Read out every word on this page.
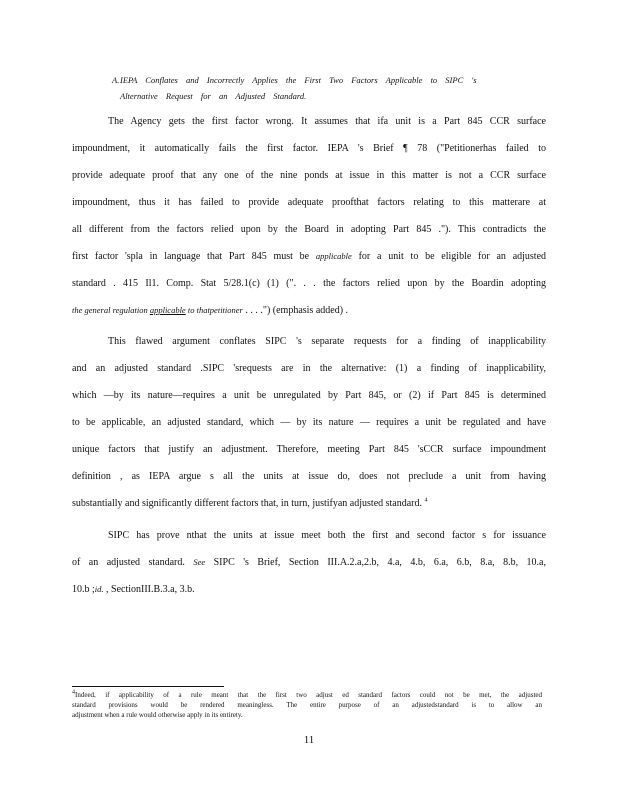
A. IEPA Conflates and Incorrectly Applies the First Two Factors Applicable to SIPC 's
Alternative Request for an Adjusted Standard.
The Agency gets the first factor wrong. It assumes that ifa unit is a Part 845 CCR surface
impoundment, it automatically fails the first factor. IEPA 's Brief ¶ 78 ("Petitionerhas failed to
provide adequate proof that any one of the nine ponds at issue in this matter is not a CCR surface
impoundment, thus it has failed to provide adequate proofthat factors relating to this matterare at
all different from the factors relied upon by the Board in adopting Part 845 ."). This contradicts the
first factor 'spla in language that Part 845 must be applicable for a unit to be eligible for an adjusted
standard . 415 Il1. Comp. Stat 5/28.1(c) (1) (". . . the factors relied upon by the Boardin adopting
the general regulation applicable to thatpetitioner . . . .") (emphasis added) .
This flawed argument conflates SIPC 's separate requests for a finding of inapplicability
and an adjusted standard .SIPC 'srequests are in the alternative: (1) a finding of inapplicability,
which —by its nature—requires a unit be unregulated by Part 845, or (2) if Part 845 is determined
to be applicable, an adjusted standard, which — by its nature — requires a unit be regulated and have
unique factors that justify an adjustment. Therefore, meeting Part 845 'sCCR surface impoundment
definition , as IEPA argue s all the units at issue do, does not preclude a unit from having
substantially and significantly different factors that, in turn, justifyan adjusted standard. $^4$
SIPC has prove nthat the units at issue meet both the first and second factor s for issuance
of an adjusted standard. See SIPC 's Brief, Section III.A.2.a,2.b, 4.a, 4.b, 6.a, 6.b, 8.a, 8.b, 10.a,
10.b ;id. , SectionIII.B.3.a, 3.b.
4Indeed, if applicability of a rule meant that the first two adjust ed standard factors could not be met, the adjusted
standard provisions would be rendered meaningless. The entire purpose of an adjustedstandard is to allow an
adjustment when a rule would otherwise apply in its entirety.
11
